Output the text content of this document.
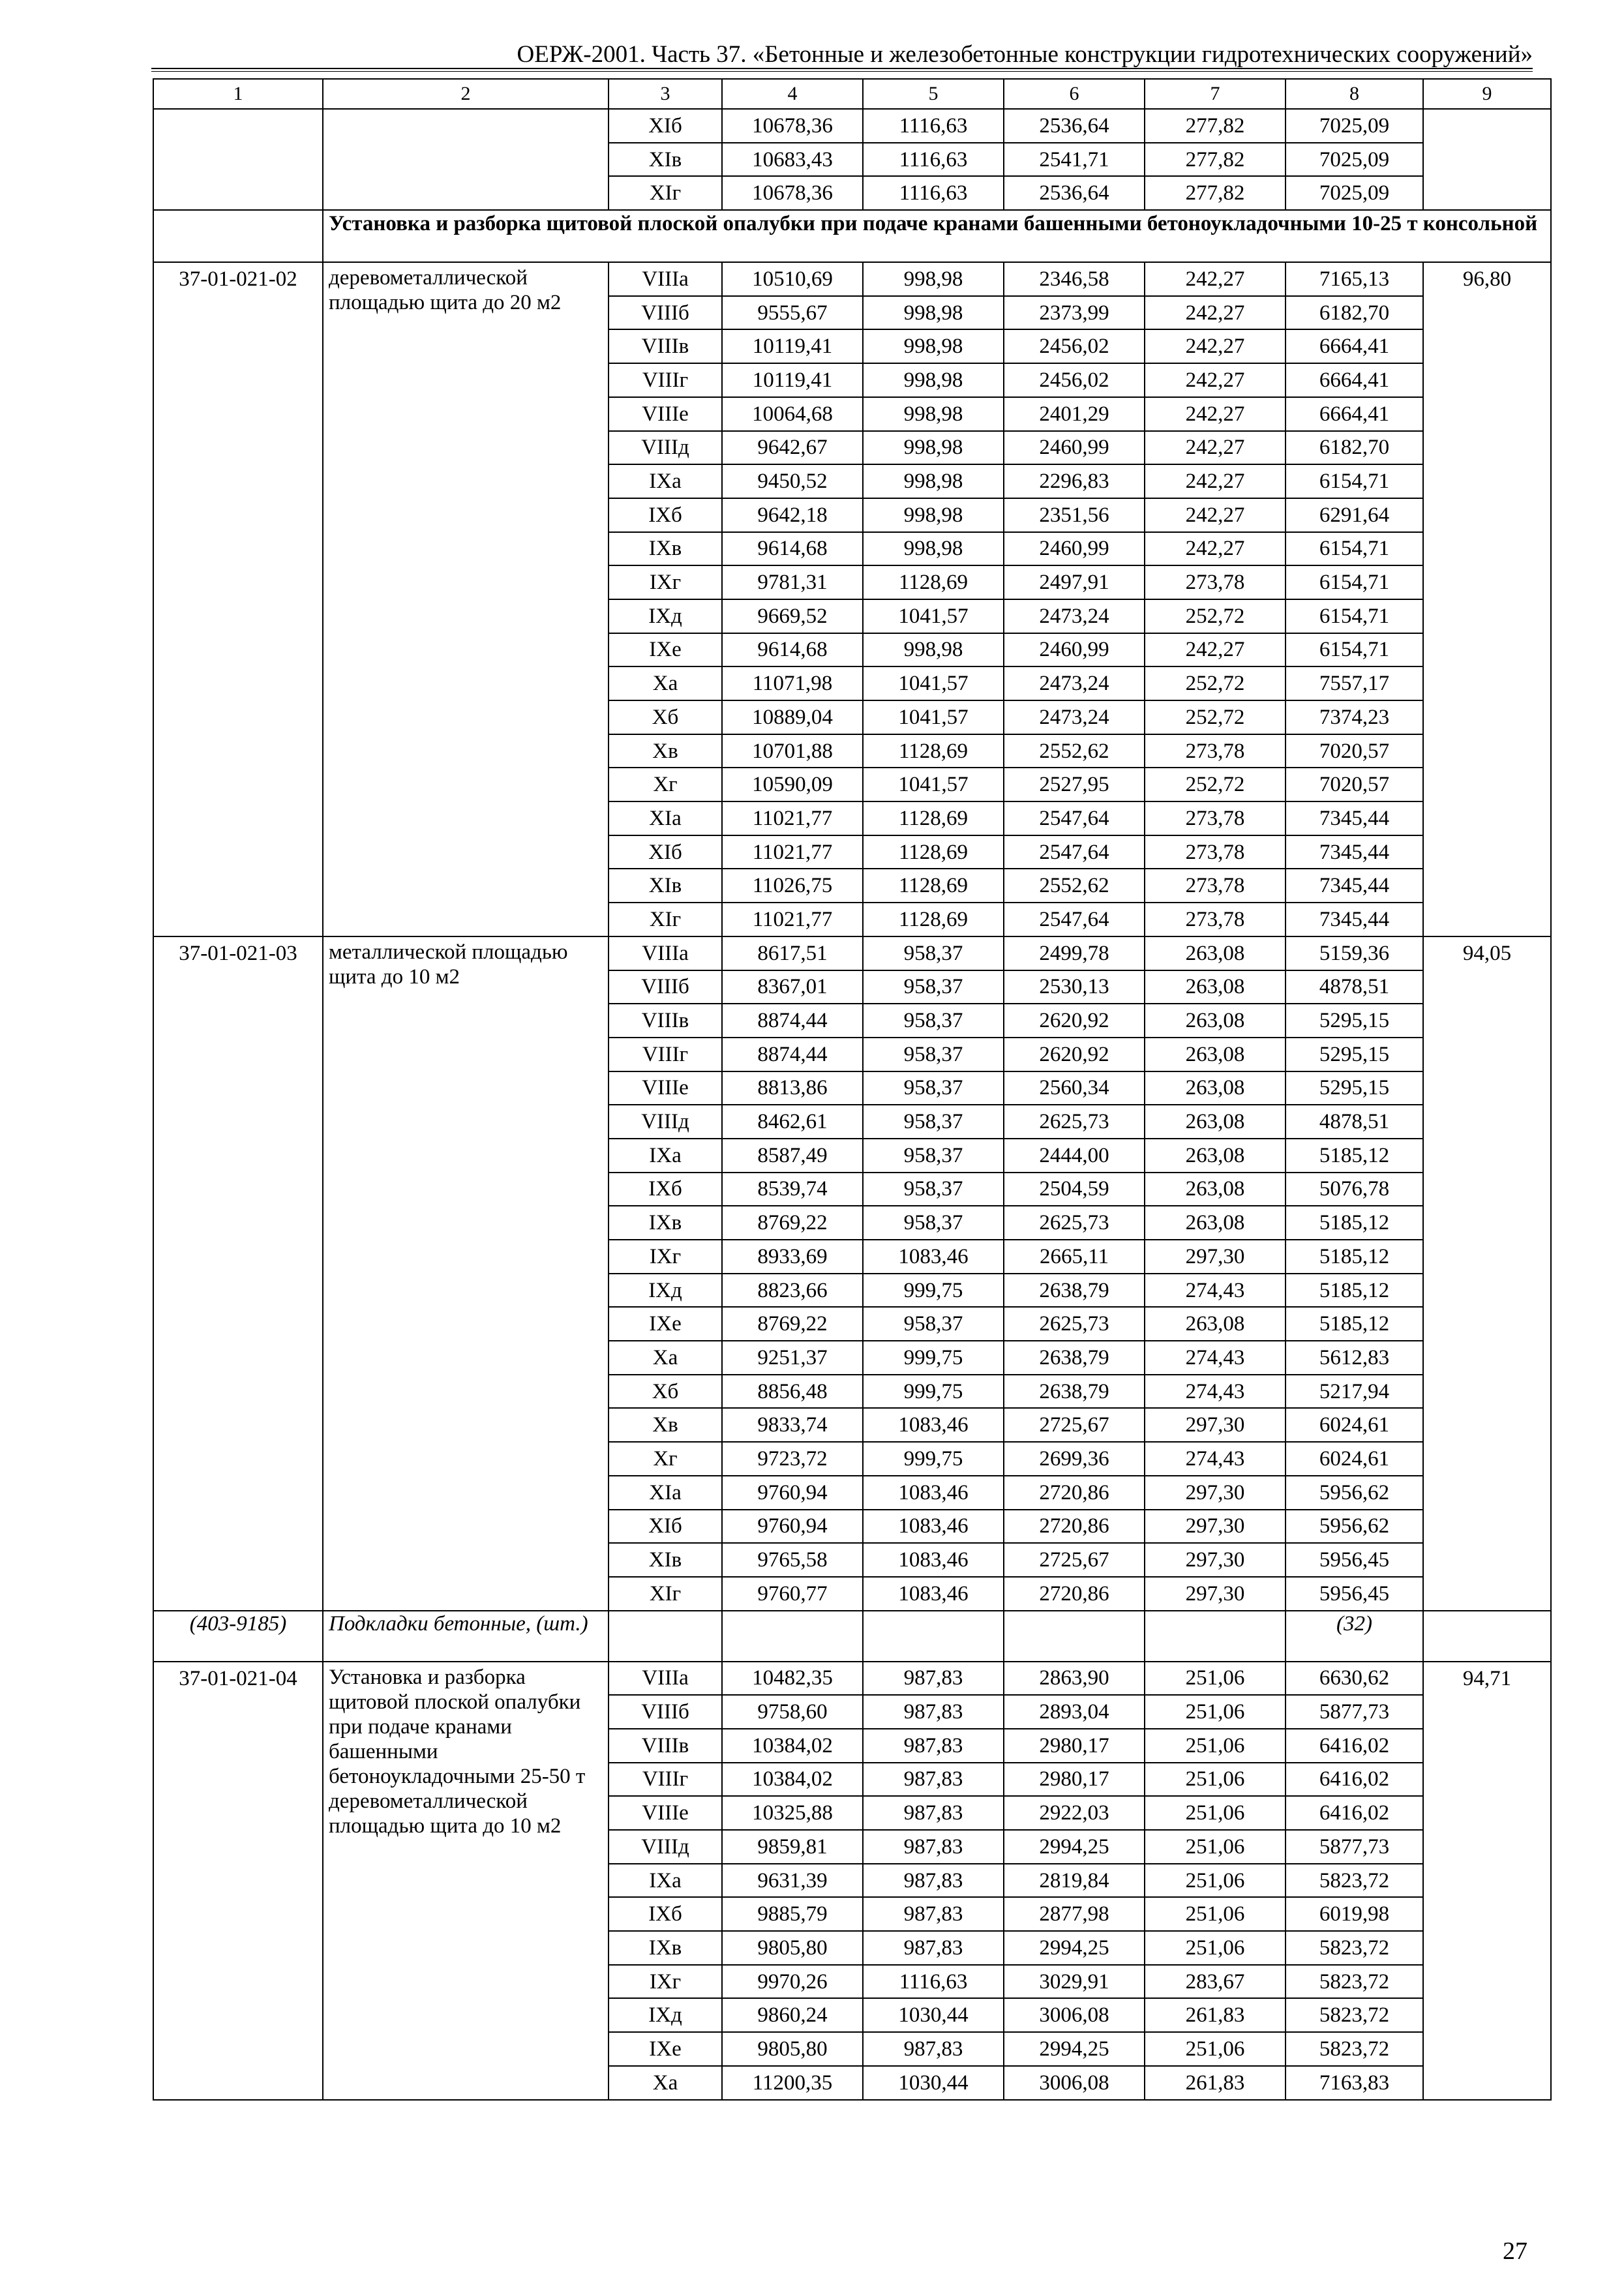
ОЕРЖ-2001. Часть 37. «Бетонные и железобетонные конструкции гидротехнических сооружений»
1	2	3	4	5	6	7	8	9
		XIб	10678,36	1116,63	2536,64	277,82	7025,09	
		XIв	10683,43	1116,63	2541,71	277,82	7025,09	
		XIг	10678,36	1116,63	2536,64	277,82	7025,09	
	Установка и разборка щитовой плоской опалубки при подаче кранами башенными бетоноукладочными 10-25 т консольной							
37-01-021-02	деревометаллической площадью щита до 20 м2	VIIIа	10510,69	998,98	2346,58	242,27	7165,13	96,80
		VIIIб	9555,67	998,98	2373,99	242,27	6182,70	
		VIIIв	10119,41	998,98	2456,02	242,27	6664,41	
		VIIIг	10119,41	998,98	2456,02	242,27	6664,41	
		VIIIе	10064,68	998,98	2401,29	242,27	6664,41	
		VIIIд	9642,67	998,98	2460,99	242,27	6182,70	
		IXа	9450,52	998,98	2296,83	242,27	6154,71	
		IXб	9642,18	998,98	2351,56	242,27	6291,64	
		IXв	9614,68	998,98	2460,99	242,27	6154,71	
		IXг	9781,31	1128,69	2497,91	273,78	6154,71	
		IXд	9669,52	1041,57	2473,24	252,72	6154,71	
		IXе	9614,68	998,98	2460,99	242,27	6154,71	
		Xа	11071,98	1041,57	2473,24	252,72	7557,17	
		Xб	10889,04	1041,57	2473,24	252,72	7374,23	
		Xв	10701,88	1128,69	2552,62	273,78	7020,57	
		Xг	10590,09	1041,57	2527,95	252,72	7020,57	
		XIа	11021,77	1128,69	2547,64	273,78	7345,44	
		XIб	11021,77	1128,69	2547,64	273,78	7345,44	
		XIв	11026,75	1128,69	2552,62	273,78	7345,44	
		XIг	11021,77	1128,69	2547,64	273,78	7345,44	
37-01-021-03	металлической площадью щита до 10 м2	VIIIа	8617,51	958,37	2499,78	263,08	5159,36	94,05
		VIIIб	8367,01	958,37	2530,13	263,08	4878,51	
		VIIIв	8874,44	958,37	2620,92	263,08	5295,15	
		VIIIг	8874,44	958,37	2620,92	263,08	5295,15	
		VIIIе	8813,86	958,37	2560,34	263,08	5295,15	
		VIIIд	8462,61	958,37	2625,73	263,08	4878,51	
		IXа	8587,49	958,37	2444,00	263,08	5185,12	
		IXб	8539,74	958,37	2504,59	263,08	5076,78	
		IXв	8769,22	958,37	2625,73	263,08	5185,12	
		IXг	8933,69	1083,46	2665,11	297,30	5185,12	
		IXд	8823,66	999,75	2638,79	274,43	5185,12	
		IXе	8769,22	958,37	2625,73	263,08	5185,12	
		Xа	9251,37	999,75	2638,79	274,43	5612,83	
		Xб	8856,48	999,75	2638,79	274,43	5217,94	
		Xв	9833,74	1083,46	2725,67	297,30	6024,61	
		Xг	9723,72	999,75	2699,36	274,43	6024,61	
		XIа	9760,94	1083,46	2720,86	297,30	5956,62	
		XIб	9760,94	1083,46	2720,86	297,30	5956,62	
		XIв	9765,58	1083,46	2725,67	297,30	5956,45	
		XIг	9760,77	1083,46	2720,86	297,30	5956,45	
(403-9185)	Подкладки бетонные, (шт.)						(32)	
37-01-021-04	Установка и разборка щитовой плоской опалубки при подаче кранами башенными бетоноукладочными 25-50 т деревометаллической площадью щита до 10 м2	VIIIа	10482,35	987,83	2863,90	251,06	6630,62	94,71
		VIIIб	9758,60	987,83	2893,04	251,06	5877,73	
		VIIIв	10384,02	987,83	2980,17	251,06	6416,02	
		VIIIг	10384,02	987,83	2980,17	251,06	6416,02	
		VIIIе	10325,88	987,83	2922,03	251,06	6416,02	
		VIIIд	9859,81	987,83	2994,25	251,06	5877,73	
		IXа	9631,39	987,83	2819,84	251,06	5823,72	
		IXб	9885,79	987,83	2877,98	251,06	6019,98	
		IXв	9805,80	987,83	2994,25	251,06	5823,72	
		IXг	9970,26	1116,63	3029,91	283,67	5823,72	
		IXд	9860,24	1030,44	3006,08	261,83	5823,72	
		IXе	9805,80	987,83	2994,25	251,06	5823,72	
		Xа	11200,35	1030,44	3006,08	261,83	7163,83	
27
